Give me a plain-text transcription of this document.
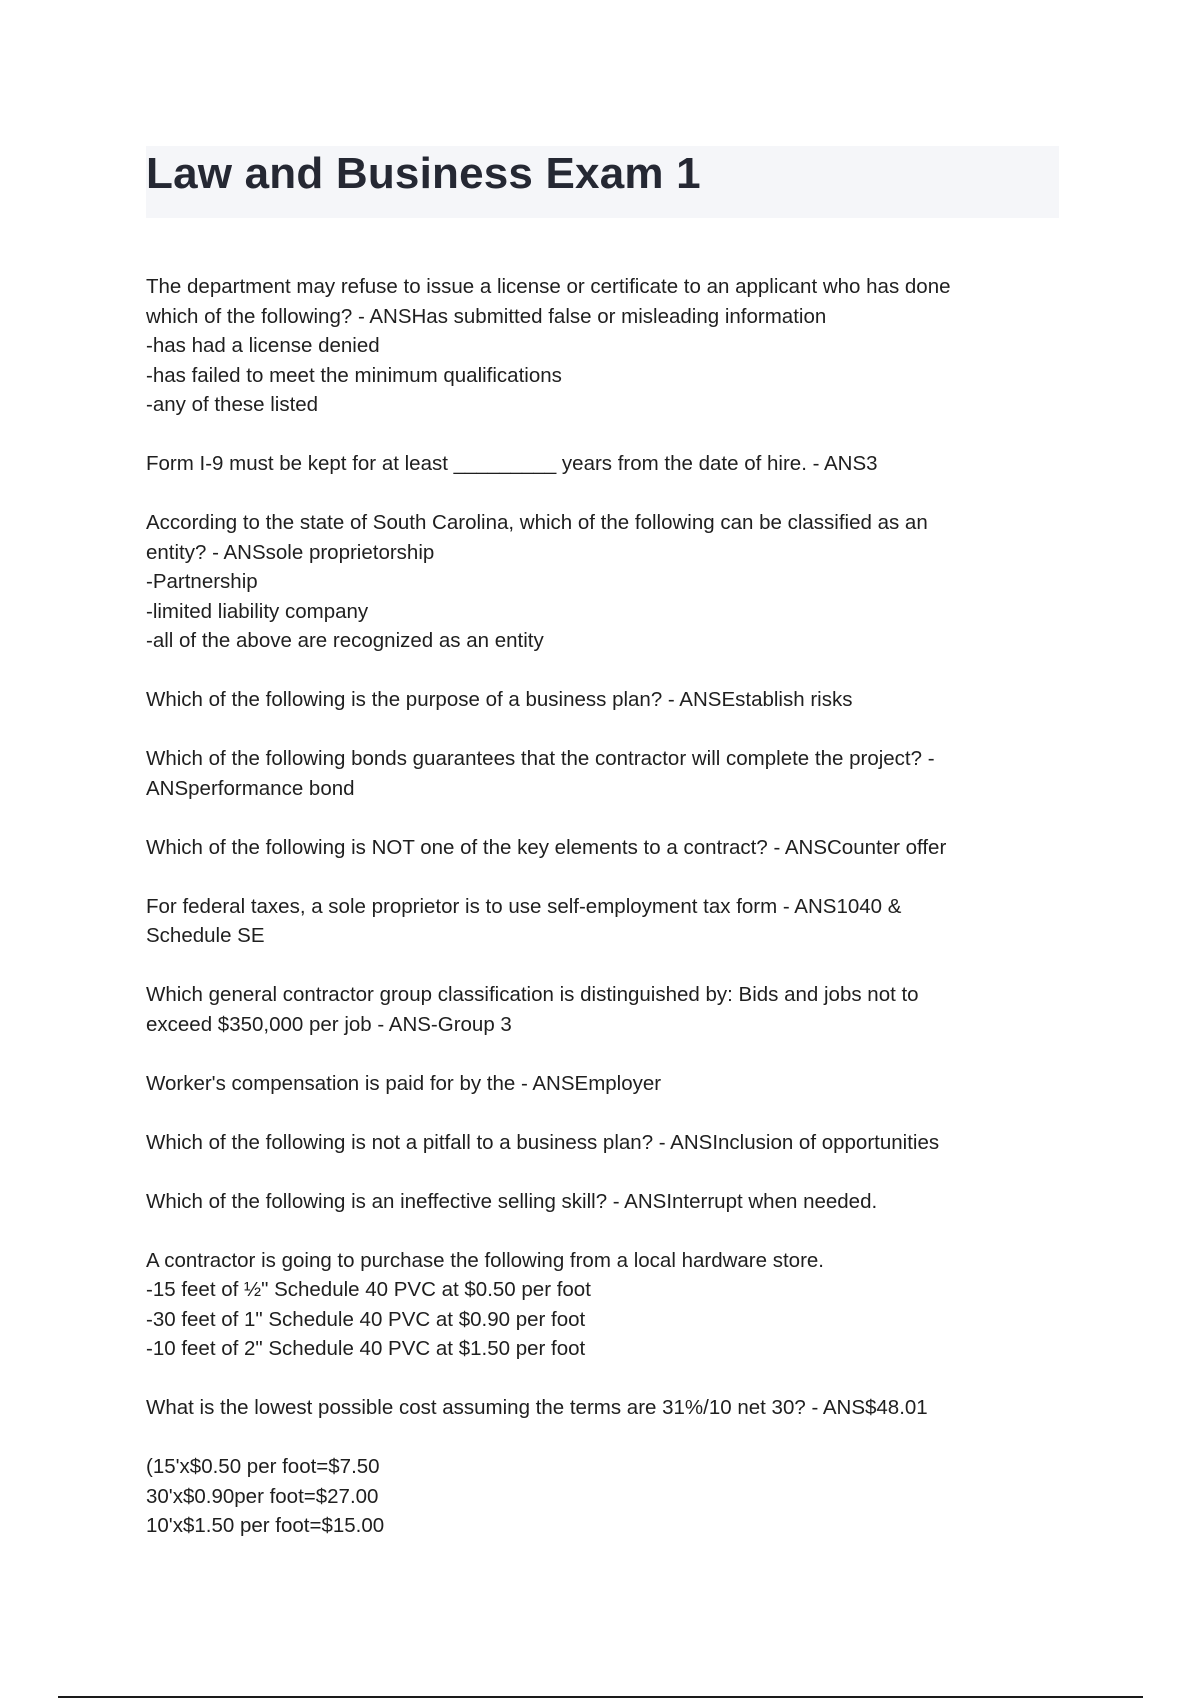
Law and Business Exam 1

The department may refuse to issue a license or certificate to an applicant who has done
which of the following? - ANSHas submitted false or misleading information
-has had a license denied
-has failed to meet the minimum qualifications
-any of these listed

Form I-9 must be kept for at least _________ years from the date of hire. - ANS3

According to the state of South Carolina, which of the following can be classified as an
entity? - ANSsole proprietorship
-Partnership
-limited liability company
-all of the above are recognized as an entity

Which of the following is the purpose of a business plan? - ANSEstablish risks

Which of the following bonds guarantees that the contractor will complete the project? -
ANSperformance bond

Which of the following is NOT one of the key elements to a contract? - ANSCounter offer

For federal taxes, a sole proprietor is to use self-employment tax form - ANS1040 &
Schedule SE

Which general contractor group classification is distinguished by: Bids and jobs not to
exceed $350,000 per job - ANS-Group 3

Worker's compensation is paid for by the - ANSEmployer

Which of the following is not a pitfall to a business plan? - ANSInclusion of opportunities

Which of the following is an ineffective selling skill? - ANSInterrupt when needed.

A contractor is going to purchase the following from a local hardware store.
-15 feet of ½" Schedule 40 PVC at $0.50 per foot
-30 feet of 1" Schedule 40 PVC at $0.90 per foot
-10 feet of 2" Schedule 40 PVC at $1.50 per foot

What is the lowest possible cost assuming the terms are 31%/10 net 30? - ANS$48.01

(15'x$0.50 per foot=$7.50
30'x$0.90per foot=$27.00
10'x$1.50 per foot=$15.00
